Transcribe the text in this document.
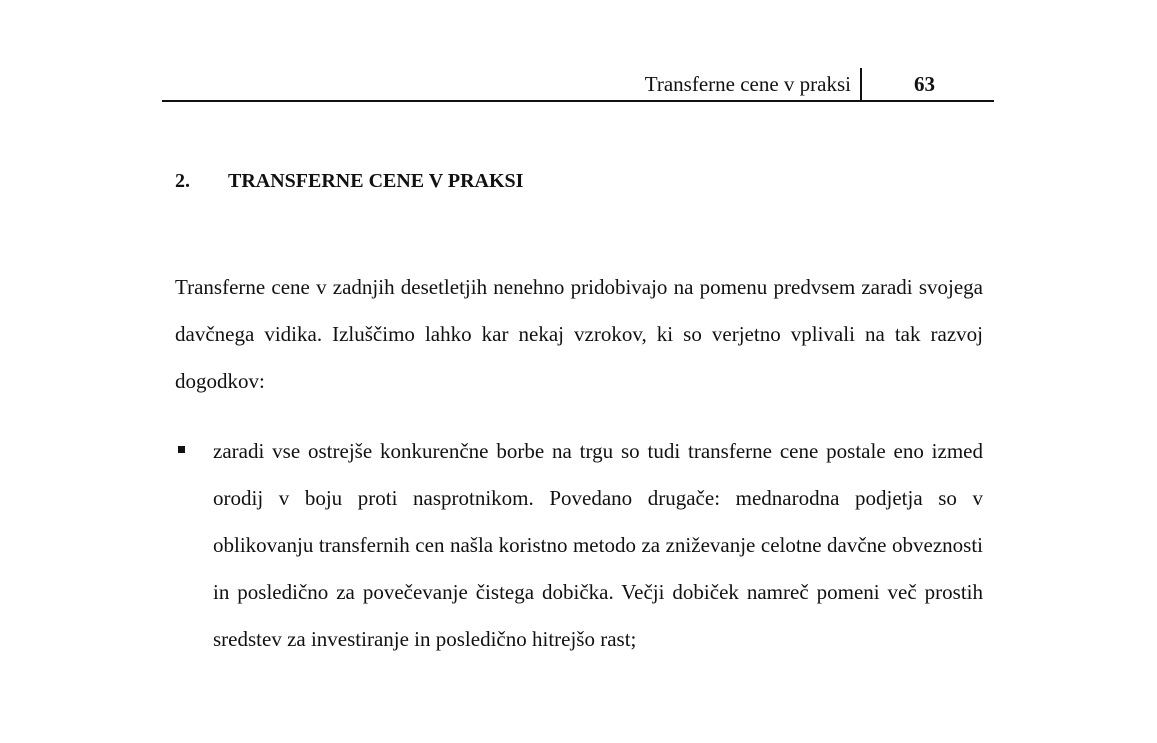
Transferne cene v praksi	63
2. TRANSFERNE CENE V PRAKSI

Transferne cene v zadnjih desetletjih nenehno pridobivajo na pomenu predvsem zaradi svojega davčnega vidika. Izluščimo lahko kar nekaj vzrokov, ki so verjetno vplivali na tak razvoj dogodkov:

zaradi vse ostrejše konkurenčne borbe na trgu so tudi transferne cene postale eno izmed orodij v boju proti nasprotnikom. Povedano drugače: mednarodna podjetja so v oblikovanju transfernih cen našla koristno metodo za zniževanje celotne davčne obveznosti in posledično za povečevanje čistega dobička. Večji dobiček namreč pomeni več prostih sredstev za investiranje in posledično hitrejšo rast;
